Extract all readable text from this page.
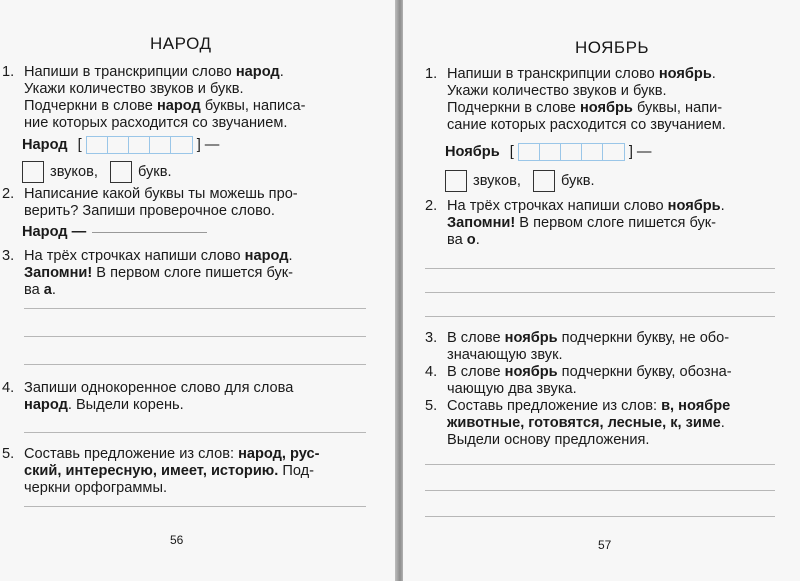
НАРОД
1. Напиши в транскрипции слово народ.
Укажи количество звуков и букв.
Подчеркни в слове народ буквы, написа-
ние которых расходится со звучанием.
Народ [	] —
звуков,	букв.
2. Написание какой буквы ты можешь про-
верить? Запиши проверочное слово.
Народ —
3. На трёх строчках напиши слово народ.
Запомни! В первом слоге пишется бук-
ва а.
4. Запиши однокоренное слово для слова
народ. Выдели корень.
5. Составь предложение из слов: народ, рус-
ский, интересную, имеет, историю. Под-
черкни орфограммы.
56
НОЯБРЬ
1. Напиши в транскрипции слово ноябрь.
Укажи количество звуков и букв.
Подчеркни в слове ноябрь буквы, напи-
сание которых расходится со звучанием.
Ноябрь [	] —
звуков,	букв.
2. На трёх строчках напиши слово ноябрь.
Запомни! В первом слоге пишется бук-
ва о.
3. В слове ноябрь подчеркни букву, не обо-
значающую звук.
4. В слове ноябрь подчеркни букву, обозна-
чающую два звука.
5. Составь предложение из слов: в, ноябре
животные, готовятся, лесные, к, зиме.
Выдели основу предложения.
57
